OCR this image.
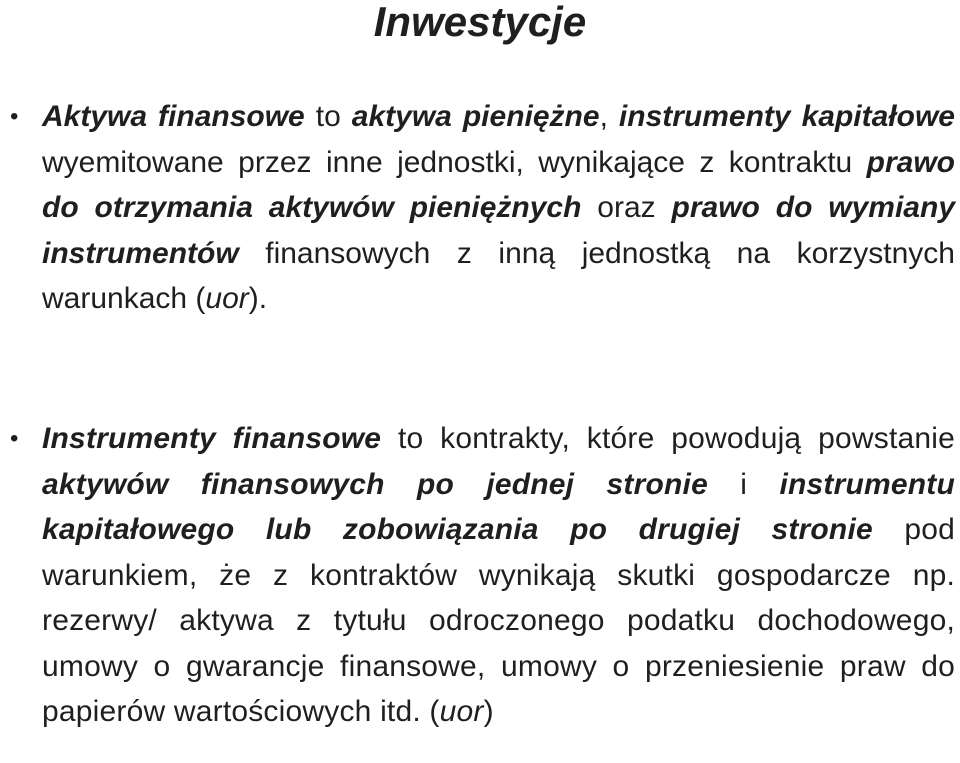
Inwestycje
• Aktywa finansowe to aktywa pieniężne, instrumenty kapitałowe wyemitowane przez inne jednostki, wynikające z kontraktu prawo do otrzymania aktywów pieniężnych oraz prawo do wymiany instrumentów finansowych z inną jednostką na korzystnych warunkach (uor).
• Instrumenty finansowe to kontrakty, które powodują powstanie aktywów finansowych po jednej stronie i instrumentu kapitałowego lub zobowiązania po drugiej stronie pod warunkiem, że z kontraktów wynikają skutki gospodarcze np. rezerwy/ aktywa z tytułu odroczonego podatku dochodowego, umowy o gwarancje finansowe, umowy o przeniesienie praw do papierów wartościowych itd. (uor)
